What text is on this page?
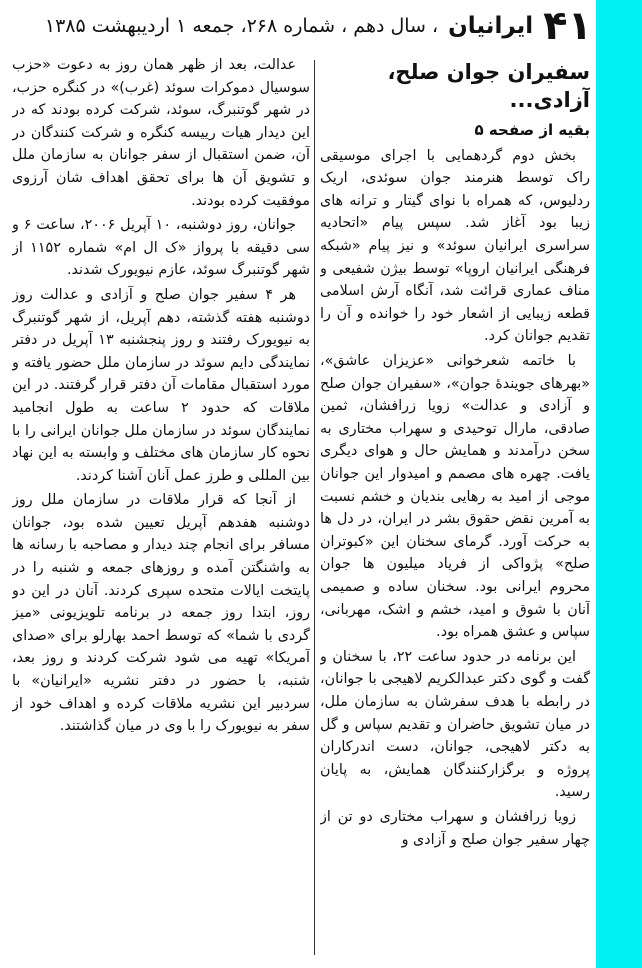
۴۱
ایرانیان
، سال دهم ، شماره ۲۶۸، جمعه ۱ اردیبهشت ۱۳۸۵
سفیران جوان صلح، آزادی...
بقیه از صفحه ۵

بخش دوم گردهمایی با اجرای موسیقی راک توسط هنرمند جوان سوئدی، اریک ردلیوس، که همراه با نوای گیتار و ترانه های زیبا بود آغاز شد. سپس پیام «اتحادیه سراسری ایرانیان سوئد» و نیز پیام «شبکه فرهنگی ایرانیان اروپا» توسط بیژن شفیعی و مناف عماری قرائت شد، آنگاه آرش اسلامی قطعه زیبایی از اشعار خود را خوانده و آن را تقدیم جوانان کرد.

با خاتمه شعرخوانی «عزیزان عاشق»، «بهرهای جویندهٔ جوان»، «سفیران جوان صلح و آزادی و عدالت» زویا زرافشان، ثمین صادقی، مارال توحیدی و سهراب مختاری به سخن درآمدند و همایش حال و هوای دیگری یافت. چهره های مصمم و امیدوار این جوانان موجی از امید به رهایی بندیان و خشم نسبت به آمرین نقض حقوق بشر در ایران، در دل ها به حرکت آورد. گرمای سخنان این «کبوتران صلح» پژواکی از فریاد میلیون ها جوان محروم ایرانی بود. سخنان ساده و صمیمی آنان با شوق و امید، خشم و اشک، مهربانی، سپاس و عشق همراه بود.

این برنامه در حدود ساعت ۲۲، با سخنان و گفت و گوی دکتر عبدالکریم لاهیجی با جوانان، در رابطه با هدف سفرشان به سازمان ملل، در میان تشویق حاضران و تقدیم سپاس و گل به دکتر لاهیجی، جوانان، دست اندرکاران پروژه و برگزارکنندگان همایش، به پایان رسید.

زویا زرافشان و سهراب مختاری دو تن از چهار سفیر جوان صلح و آزادی و

عدالت، بعد از ظهر همان روز به دعوت «حزب سوسیال دموکرات سوئد (غرب)» در کنگره حزب، در شهر گوتنبرگ، سوئد، شرکت کرده بودند که در این دیدار هیات رییسه کنگره و شرکت کنندگان در آن، ضمن استقبال از سفر جوانان به سازمان ملل و تشویق آن ها برای تحقق اهداف شان آرزوی موفقیت کرده بودند.

جوانان، روز دوشنبه، ۱۰ آپریل ۲۰۰۶، ساعت ۶ و سی دقیقه با پرواز «ک ال ام» شماره ۱۱۵۲ از شهر گوتنبرگ سوئد، عازم نیویورک شدند.

هر ۴ سفیر جوان صلح و آزادی و عدالت روز دوشنبه هفته گذشته، دهم آپریل، از شهر گوتنبرگ به نیویورک رفتند و روز پنجشنبه ۱۳ آپریل در دفتر نمایندگی دایم سوئد در سازمان ملل حضور یافته و مورد استقبال مقامات آن دفتر قرار گرفتند. در این ملاقات که حدود ۲ ساعت به طول انجامید نمایندگان سوئد در سازمان ملل جوانان ایرانی را با نحوه کار سازمان های مختلف و وابسته به این نهاد بین المللی و طرز عمل آنان آشنا کردند.

از آنجا که قرار ملاقات در سازمان ملل روز دوشنبه هفدهم آپریل تعیین شده بود، جوانان مسافر برای انجام چند دیدار و مصاحبه با رسانه ها به واشنگتن آمده و روزهای جمعه و شنبه را در پایتخت ایالات متحده سپری کردند. آنان در این دو روز، ابتدا روز جمعه در برنامه تلویزیونی «میز گردی با شما» که توسط احمد بهارلو برای «صدای آمریکا» تهیه می شود شرکت کردند و روز بعد، شنبه، با حضور در دفتر نشریه «ایرانیان» با سردبیر این نشریه ملاقات کرده و اهداف خود از سفر به نیویورک را با وی در میان گذاشتند.
